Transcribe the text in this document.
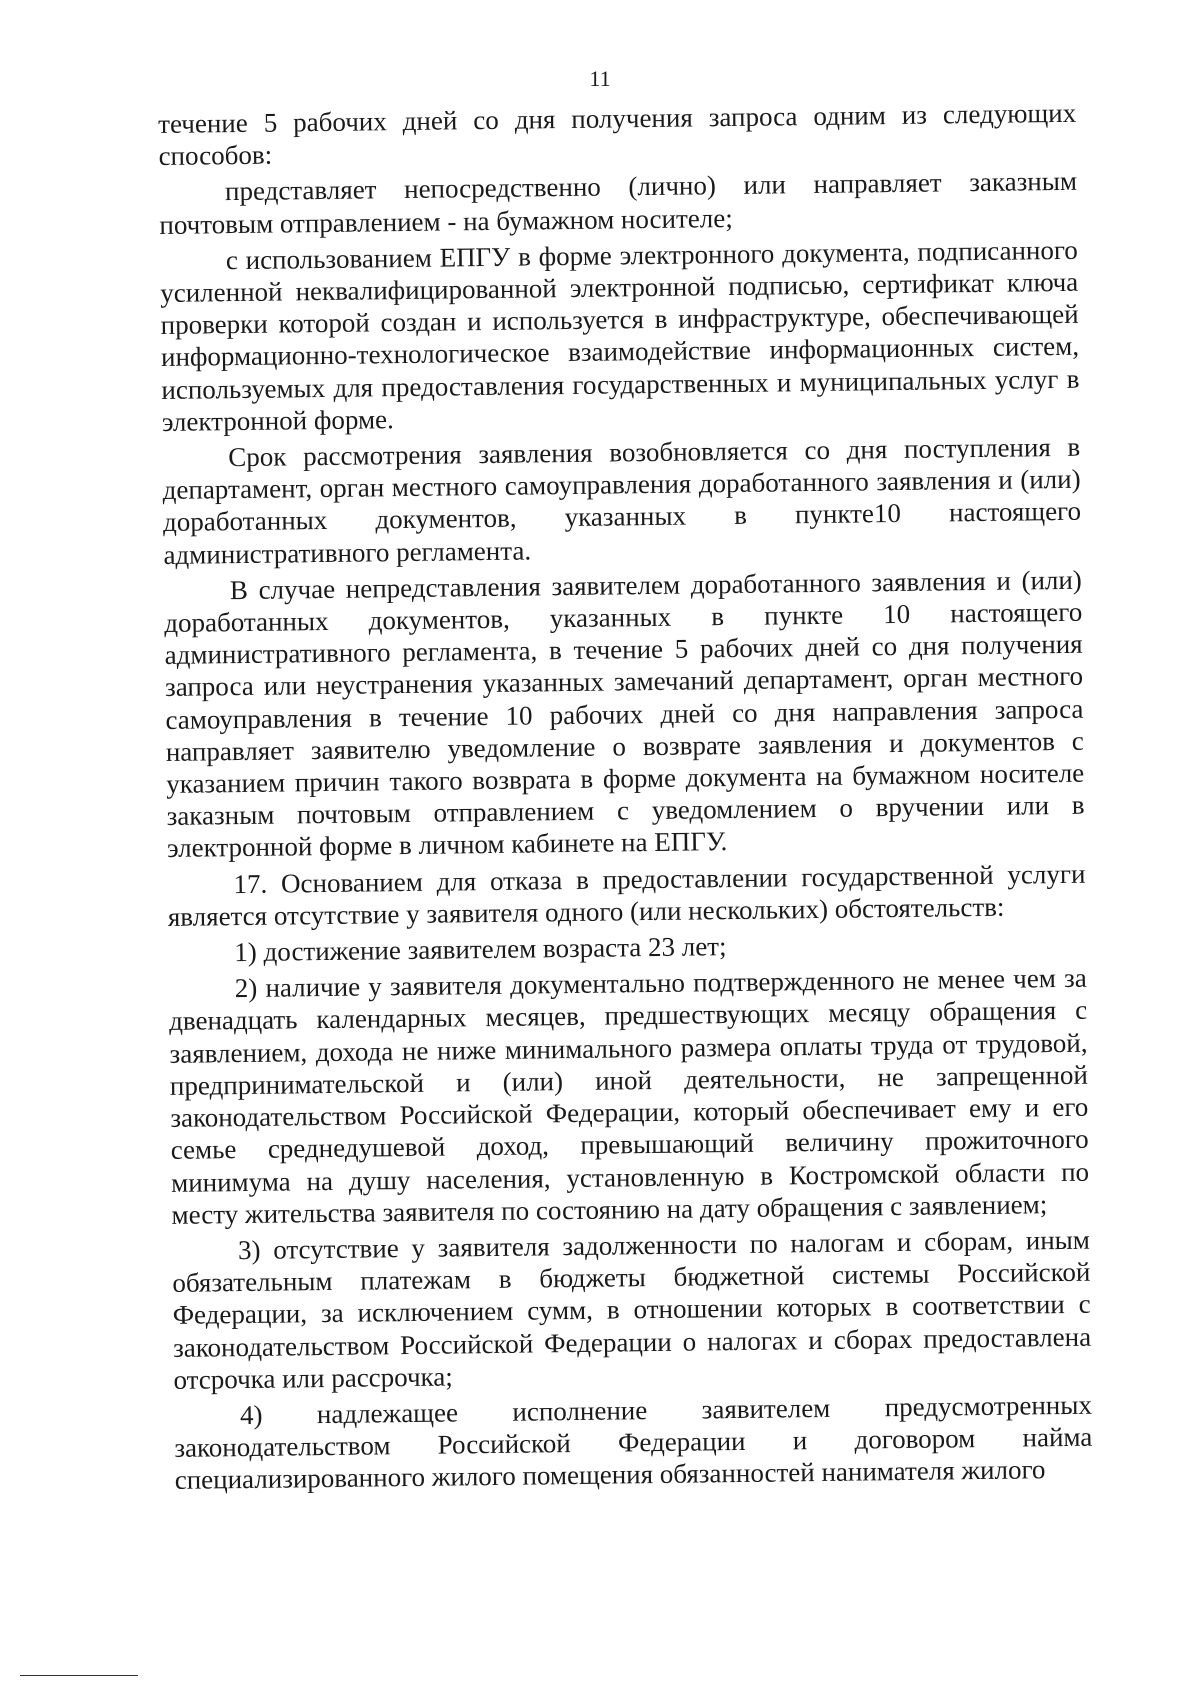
11

течение 5 рабочих дней со дня получения запроса одним из следующих способов:

представляет непосредственно (лично) или направляет заказным почтовым отправлением - на бумажном носителе;

с использованием ЕПГУ в форме электронного документа, подписанного усиленной неквалифицированной электронной подписью, сертификат ключа проверки которой создан и используется в инфраструктуре, обеспечивающей информационно-технологическое взаимодействие информационных систем, используемых для предоставления государственных и муниципальных услуг в электронной форме.

Срок рассмотрения заявления возобновляется со дня поступления в департамент, орган местного самоуправления доработанного заявления и (или) доработанных документов, указанных в пункте10 настоящего административного регламента.

В случае непредставления заявителем доработанного заявления и (или) доработанных документов, указанных в пункте 10 настоящего административного регламента, в течение 5 рабочих дней со дня получения запроса или неустранения указанных замечаний департамент, орган местного самоуправления в течение 10 рабочих дней со дня направления запроса направляет заявителю уведомление о возврате заявления и документов с указанием причин такого возврата в форме документа на бумажном носителе заказным почтовым отправлением с уведомлением о вручении или в электронной форме в личном кабинете на ЕПГУ.

17. Основанием для отказа в предоставлении государственной услуги является отсутствие у заявителя одного (или нескольких) обстоятельств:

1) достижение заявителем возраста 23 лет;

2) наличие у заявителя документально подтвержденного не менее чем за двенадцать календарных месяцев, предшествующих месяцу обращения с заявлением, дохода не ниже минимального размера оплаты труда от трудовой, предпринимательской и (или) иной деятельности, не запрещенной законодательством Российской Федерации, который обеспечивает ему и его семье среднедушевой доход, превышающий величину прожиточного минимума на душу населения, установленную в Костромской области по месту жительства заявителя по состоянию на дату обращения с заявлением;

3) отсутствие у заявителя задолженности по налогам и сборам, иным обязательным платежам в бюджеты бюджетной системы Российской Федерации, за исключением сумм, в отношении которых в соответствии с законодательством Российской Федерации о налогах и сборах предоставлена отсрочка или рассрочка;

4) надлежащее исполнение заявителем предусмотренных законодательством Российской Федерации и договором найма специализированного жилого помещения обязанностей нанимателя жилого
